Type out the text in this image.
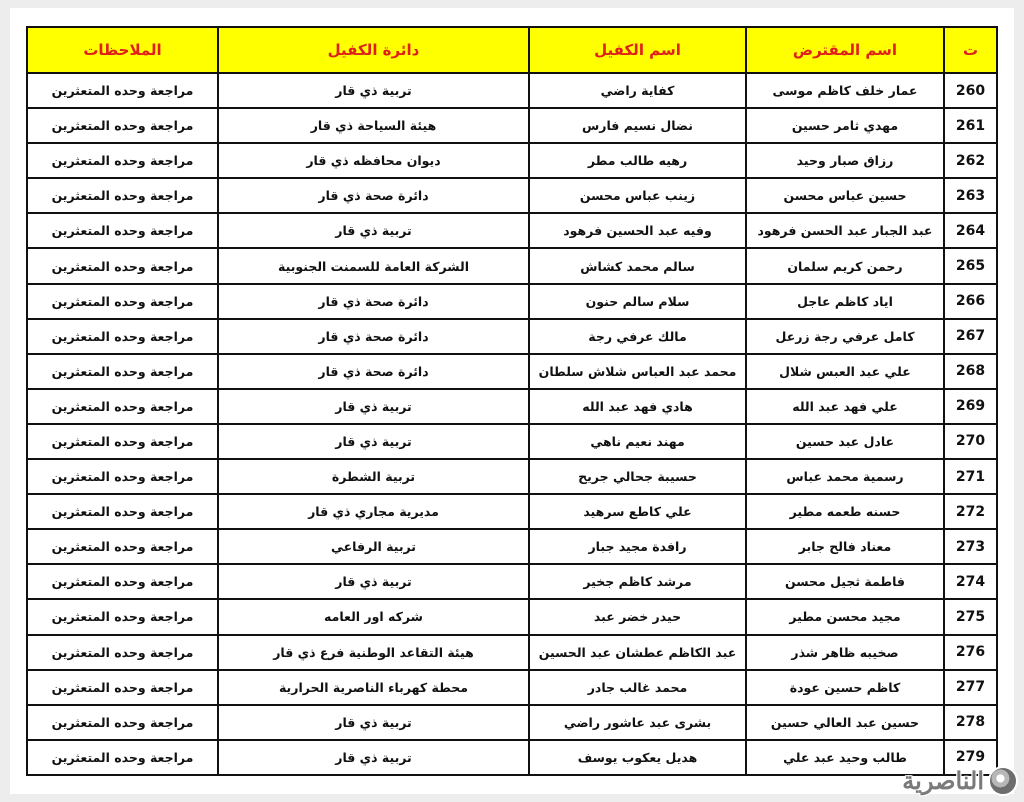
ت	اسم المقترض	اسم الكفيل	دائرة الكفيل	الملاحظات
260	عمار خلف كاظم موسى	كفاية راضي	تربية ذي قار	مراجعة وحده المتعثرين
261	مهدي ثامر حسين	نضال نسيم فارس	هيئة السياحة ذي قار	مراجعة وحده المتعثرين
262	رزاق صبار وحيد	رهيه طالب مطر	ديوان محافظه ذي قار	مراجعة وحده المتعثرين
263	حسين عباس محسن	زينب عباس محسن	دائرة صحة ذي قار	مراجعة وحده المتعثرين
264	عبد الجبار عبد الحسن فرهود	وفيه عبد الحسين فرهود	تربية ذي قار	مراجعة وحده المتعثرين
265	رحمن كريم سلمان	سالم محمد كشاش	الشركة العامة للسمنت الجنوبية	مراجعة وحده المتعثرين
266	اياد كاظم عاجل	سلام سالم حنون	دائرة صحة ذي قار	مراجعة وحده المتعثرين
267	كامل عرفي رجة زرعل	مالك عرفي رجة	دائرة صحة ذي قار	مراجعة وحده المتعثرين
268	علي عبد العبس شلال	محمد عبد العباس شلاش سلطان	دائرة صحة ذي قار	مراجعة وحده المتعثرين
269	علي فهد عبد الله	هادي فهد عبد الله	تربية ذي قار	مراجعة وحده المتعثرين
270	عادل عبد حسين	مهند نعيم ناهي	تربية ذي قار	مراجعة وحده المتعثرين
271	رسمية محمد عباس	حسيبة جحالي جريح	تربية الشطرة	مراجعة وحده المتعثرين
272	حسنه طعمه مطير	علي كاطع سرهيد	مديرية مجاري ذي قار	مراجعة وحده المتعثرين
273	معناد فالح جابر	رافدة مجيد جبار	تربية الرفاعي	مراجعة وحده المتعثرين
274	فاطمة ثجيل محسن	مرشد كاظم جخير	تربية ذي قار	مراجعة وحده المتعثرين
275	مجيد محسن مطير	حيدر خضر عبد	شركه اور العامه	مراجعة وحده المتعثرين
276	صخيبه ظاهر شذر	عبد الكاظم عطشان عبد الحسين	هيئة التقاعد الوطنية فرع ذي قار	مراجعة وحده المتعثرين
277	كاظم حسين عودة	محمد غالب جادر	محطة كهرباء الناصرية الحرارية	مراجعة وحده المتعثرين
278	حسين عبد العالي حسين	بشرى عبد عاشور راضي	تربية ذي قار	مراجعة وحده المتعثرين
279	طالب وحيد عبد علي	هديل يعكوب يوسف	تربية ذي قار	مراجعة وحده المتعثرين
الناصرية
